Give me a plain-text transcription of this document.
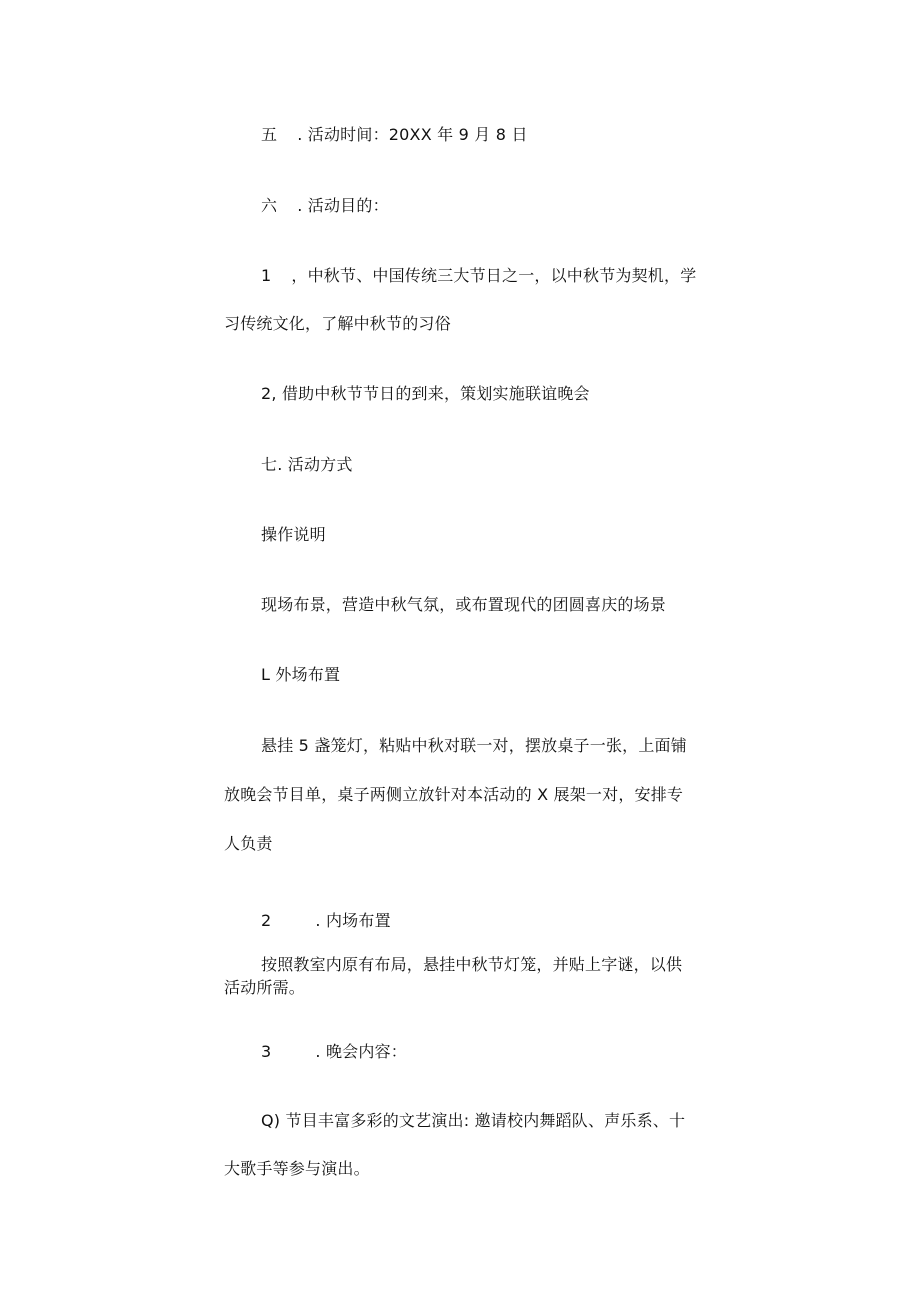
五 . 活动时间：20XX 年 9 月 8 日
六 . 活动目的：
1 ，中秋节、中国传统三大节日之一，以中秋节为契机，学
习传统文化，了解中秋节的习俗
2, 借助中秋节节日的到来，策划实施联谊晚会
七. 活动方式
操作说明
现场布景，营造中秋气氛，或布置现代的团圆喜庆的场景
L 外场布置
悬挂 5 盏笼灯，粘贴中秋对联一对，摆放桌子一张，上面铺
放晚会节目单，桌子两侧立放针对本活动的 X 展架一对，安排专
人负责
2	. 内场布置
按照教室内原有布局，悬挂中秋节灯笼，并贴上字谜，以供
活动所需。
3	. 晚会内容：
Q) 节目丰富多彩的文艺演出: 邀请校内舞蹈队、声乐系、十
大歌手等参与演出。
